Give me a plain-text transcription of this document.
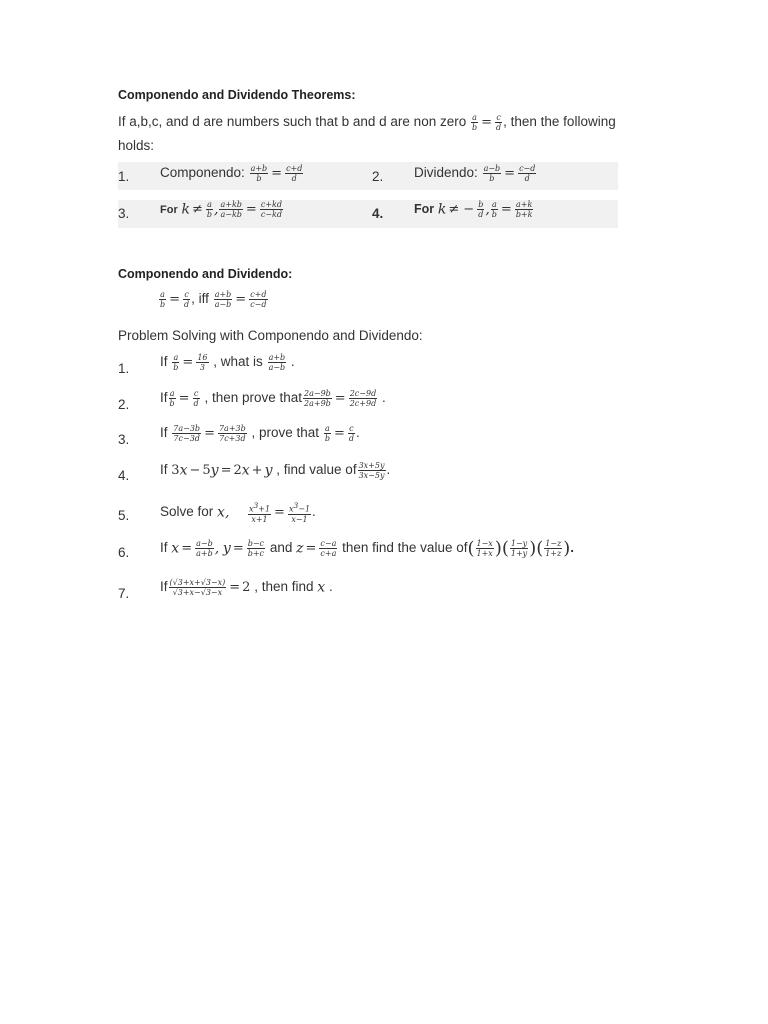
Componendo and Dividendo Theorems:
If a,b,c, and d are numbers such that b and d are non zero $\frac{a}{b} = \frac{c}{d}$ , then the following
holds:
1. Componendo: $\frac{a+b}{b} = \frac{c+d}{d}$	2. Dividendo: $\frac{a-b}{b} = \frac{c-d}{d}$
3.	For $k \ne \frac{a}{b}$ , $\frac{a+kb}{a-kb} = \frac{c+kd}{c-kd}$	4. For k ≠ − $\frac{b}{d}$ , $\frac{a}{b} = \frac{a+k}{b+k}$
Componendo and Dividendo:
$\frac{a}{b} = \frac{c}{d}$ , iff $\frac{a+b}{a-b} = \frac{c+d}{c-d}$
Problem Solving with Componendo and Dividendo:
1. If $\frac{a}{b} = \frac{16}{3}$ , what is $\frac{a+b}{a-b}$ .
2. If $\frac{a}{b} = \frac{c}{d}$ , then prove that $\frac{2a-9b}{2a+9b} = \frac{2c-9d}{2c+9d}$ .
3. If $\frac{7a-3b}{7c-3d} = \frac{7a+3b}{7c+3d}$ , prove that $\frac{a}{b} = \frac{c}{d}$ .
4. If 3x − 5y = 2x + y , find value of $\frac{3x+5y}{3x-5y}$ .
5. Solve for x, $\frac{x^3+1}{x+1} = \frac{x^3-1}{x-1}$ .
6. If $x = \frac{a-b}{a+b}$ , $y = \frac{b-c}{b+c}$ and $z = \frac{c-a}{c+a}$ then find the value $of( \frac{1-x}{1+x}$ )( $\frac{1-y}{1+y}$ )( $\frac{1-z}{1+z}$ ).
7. If $\frac{(√3+x+√3-x)}{√3+x-√3-x} = 2$ , then find x .
